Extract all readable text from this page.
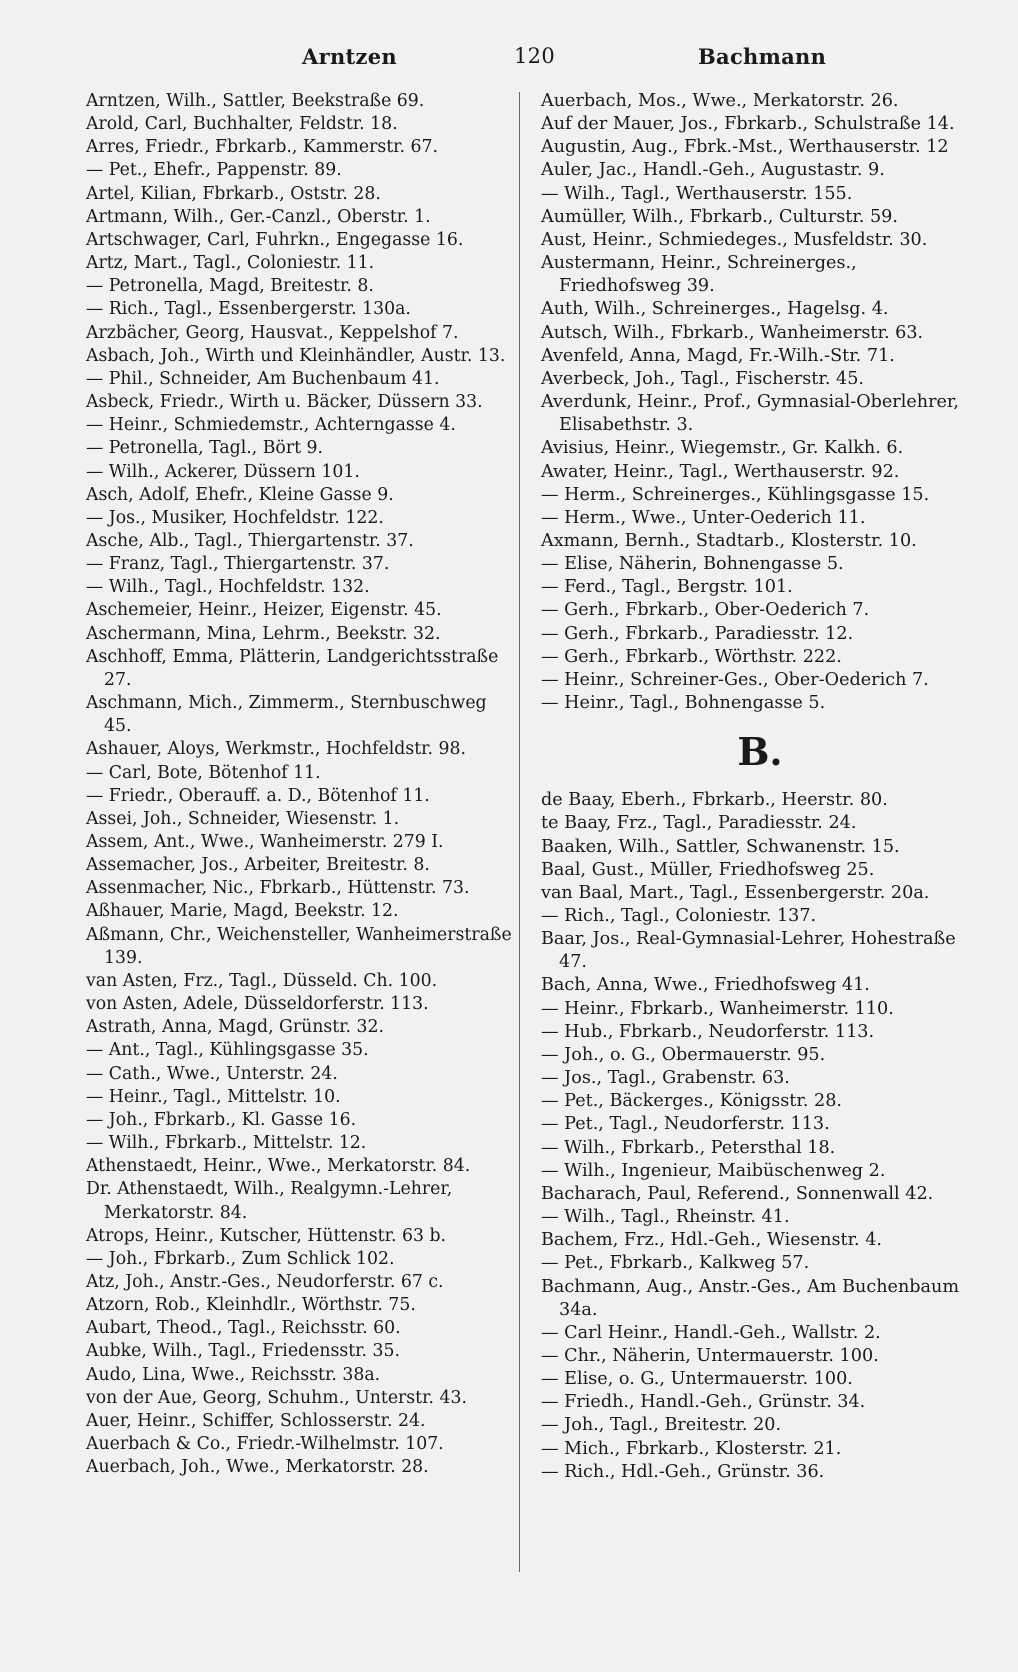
Arntzen	120	Bachmann

Arntzen, Wilh., Sattler, Beekstraße 69.

Arold, Carl, Buchhalter, Feldstr. 18.

Arres, Friedr., Fbrkarb., Kammerstr. 67.

— Pet., Ehefr., Pappenstr. 89.

Artel, Kilian, Fbrkarb., Oststr. 28.

Artmann, Wilh., Ger.-Canzl., Oberstr. 1.

Artschwager, Carl, Fuhrkn., Engegasse 16.

Artz, Mart., Tagl., Coloniestr. 11.

— Petronella, Magd, Breitestr. 8.

— Rich., Tagl., Essenbergerstr. 130a.

Arzbächer, Georg, Hausvat., Keppelshof 7.

Asbach, Joh., Wirth und Kleinhändler, Austr. 13.

— Phil., Schneider, Am Buchenbaum 41.

Asbeck, Friedr., Wirth u. Bäcker, Düssern 33.

— Heinr., Schmiedemstr., Achterngasse 4.

— Petronella, Tagl., Bört 9.

— Wilh., Ackerer, Düssern 101.

Asch, Adolf, Ehefr., Kleine Gasse 9.

— Jos., Musiker, Hochfeldstr. 122.

Asche, Alb., Tagl., Thiergartenstr. 37.

— Franz, Tagl., Thiergartenstr. 37.

— Wilh., Tagl., Hochfeldstr. 132.

Aschemeier, Heinr., Heizer, Eigenstr. 45.

Aschermann, Mina, Lehrm., Beekstr. 32.

Aschhoff, Emma, Plätterin, Landgerichtsstraße 27.

Aschmann, Mich., Zimmerm., Sternbuschweg 45.

Ashauer, Aloys, Werkmstr., Hochfeldstr. 98.

— Carl, Bote, Bötenhof 11.

— Friedr., Oberauff. a. D., Bötenhof 11.

Assei, Joh., Schneider, Wiesenstr. 1.

Assem, Ant., Wwe., Wanheimerstr. 279 I.

Assemacher, Jos., Arbeiter, Breitestr. 8.

Assenmacher, Nic., Fbrkarb., Hüttenstr. 73.

Aßhauer, Marie, Magd, Beekstr. 12.

Aßmann, Chr., Weichensteller, Wanheimerstraße 139.

van Asten, Frz., Tagl., Düsseld. Ch. 100.

von Asten, Adele, Düsseldorferstr. 113.

Astrath, Anna, Magd, Grünstr. 32.

— Ant., Tagl., Kühlingsgasse 35.

— Cath., Wwe., Unterstr. 24.

— Heinr., Tagl., Mittelstr. 10.

— Joh., Fbrkarb., Kl. Gasse 16.

— Wilh., Fbrkarb., Mittelstr. 12.

Athenstaedt, Heinr., Wwe., Merkatorstr. 84.

Dr. Athenstaedt, Wilh., Realgymn.-Lehrer, Merkatorstr. 84.

Atrops, Heinr., Kutscher, Hüttenstr. 63 b.

— Joh., Fbrkarb., Zum Schlick 102.

Atz, Joh., Anstr.-Ges., Neudorferstr. 67 c.

Atzorn, Rob., Kleinhdlr., Wörthstr. 75.

Aubart, Theod., Tagl., Reichsstr. 60.

Aubke, Wilh., Tagl., Friedensstr. 35.

Audo, Lina, Wwe., Reichsstr. 38a.

von der Aue, Georg, Schuhm., Unterstr. 43.

Auer, Heinr., Schiffer, Schlosserstr. 24.

Auerbach & Co., Friedr.-Wilhelmstr. 107.

Auerbach, Joh., Wwe., Merkatorstr. 28.

Auerbach, Mos., Wwe., Merkatorstr. 26.

Auf der Mauer, Jos., Fbrkarb., Schulstraße 14.

Augustin, Aug., Fbrk.-Mst., Werthauserstr. 12

Auler, Jac., Handl.-Geh., Augustastr. 9.

— Wilh., Tagl., Werthauserstr. 155.

Aumüller, Wilh., Fbrkarb., Culturstr. 59.

Aust, Heinr., Schmiedeges., Musfeldstr. 30.

Austermann, Heinr., Schreinerges., Friedhofsweg 39.

Auth, Wilh., Schreinerges., Hagelsg. 4.

Autsch, Wilh., Fbrkarb., Wanheimerstr. 63.

Avenfeld, Anna, Magd, Fr.-Wilh.-Str. 71.

Averbeck, Joh., Tagl., Fischerstr. 45.

Averdunk, Heinr., Prof., Gymnasial-Oberlehrer, Elisabethstr. 3.

Avisius, Heinr., Wiegemstr., Gr. Kalkh. 6.

Awater, Heinr., Tagl., Werthauserstr. 92.

— Herm., Schreinerges., Kühlingsgasse 15.

— Herm., Wwe., Unter-Oederich 11.

Axmann, Bernh., Stadtarb., Klosterstr. 10.

— Elise, Näherin, Bohnengasse 5.

— Ferd., Tagl., Bergstr. 101.

— Gerh., Fbrkarb., Ober-Oederich 7.

— Gerh., Fbrkarb., Paradiesstr. 12.

— Gerh., Fbrkarb., Wörthstr. 222.

— Heinr., Schreiner-Ges., Ober-Oederich 7.

— Heinr., Tagl., Bohnengasse 5.

B.

de Baay, Eberh., Fbrkarb., Heerstr. 80.

te Baay, Frz., Tagl., Paradiesstr. 24.

Baaken, Wilh., Sattler, Schwanenstr. 15.

Baal, Gust., Müller, Friedhofsweg 25.

van Baal, Mart., Tagl., Essenbergerstr. 20a.

— Rich., Tagl., Coloniestr. 137.

Baar, Jos., Real-Gymnasial-Lehrer, Hohestraße 47.

Bach, Anna, Wwe., Friedhofsweg 41.

— Heinr., Fbrkarb., Wanheimerstr. 110.

— Hub., Fbrkarb., Neudorferstr. 113.

— Joh., o. G., Obermauerstr. 95.

— Jos., Tagl., Grabenstr. 63.

— Pet., Bäckerges., Königsstr. 28.

— Pet., Tagl., Neudorferstr. 113.

— Wilh., Fbrkarb., Petersthal 18.

— Wilh., Ingenieur, Maibüschenweg 2.

Bacharach, Paul, Referend., Sonnenwall 42.

— Wilh., Tagl., Rheinstr. 41.

Bachem, Frz., Hdl.-Geh., Wiesenstr. 4.

— Pet., Fbrkarb., Kalkweg 57.

Bachmann, Aug., Anstr.-Ges., Am Buchenbaum 34a.

— Carl Heinr., Handl.-Geh., Wallstr. 2.

— Chr., Näherin, Untermauerstr. 100.

— Elise, o. G., Untermauerstr. 100.

— Friedh., Handl.-Geh., Grünstr. 34.

— Joh., Tagl., Breitestr. 20.

— Mich., Fbrkarb., Klosterstr. 21.

— Rich., Hdl.-Geh., Grünstr. 36.
